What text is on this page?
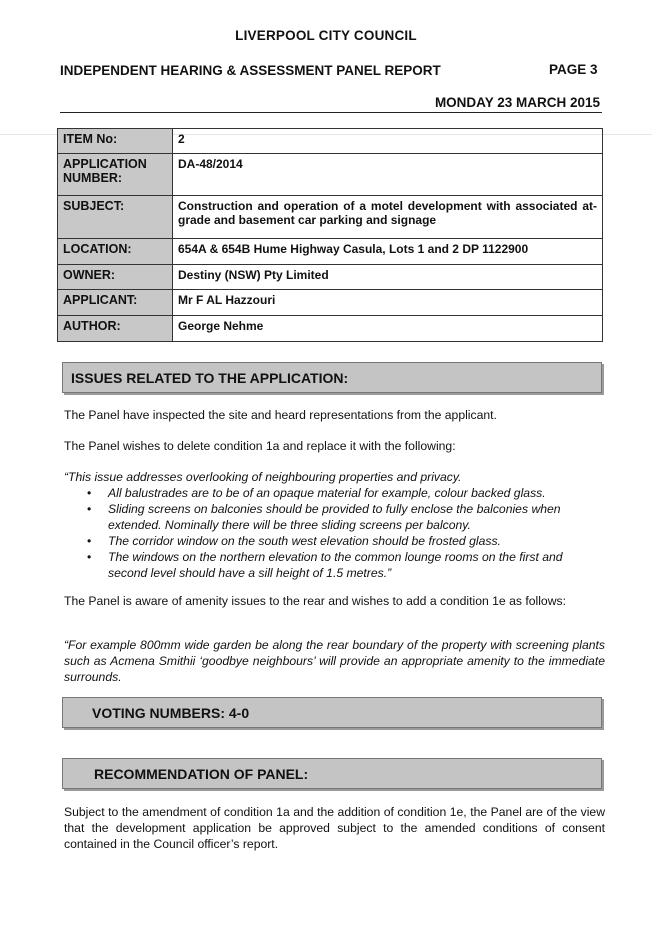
LIVERPOOL CITY COUNCIL
INDEPENDENT HEARING & ASSESSMENT PANEL REPORT	PAGE 3
MONDAY 23 MARCH 2015
ITEM No:	2
APPLICATION NUMBER:	DA-48/2014
SUBJECT:	Construction and operation of a motel development with associated at-grade and basement car parking and signage
LOCATION:	654A & 654B Hume Highway Casula, Lots 1 and 2 DP 1122900
OWNER:	Destiny (NSW) Pty Limited
APPLICANT:	Mr F AL Hazzouri
AUTHOR:	George Nehme
ISSUES RELATED TO THE APPLICATION:
The Panel have inspected the site and heard representations from the applicant.
The Panel wishes to delete condition 1a and replace it with the following:
“This issue addresses overlooking of neighbouring properties and privacy.
• All balustrades are to be of an opaque material for example, colour backed glass.
• Sliding screens on balconies should be provided to fully enclose the balconies when extended. Nominally there will be three sliding screens per balcony.
• The corridor window on the south west elevation should be frosted glass.
• The windows on the northern elevation to the common lounge rooms on the first and second level should have a sill height of 1.5 metres.”
The Panel is aware of amenity issues to the rear and wishes to add a condition 1e as follows:
“For example 800mm wide garden be along the rear boundary of the property with screening plants such as Acmena Smithii ‘goodbye neighbours’ will provide an appropriate amenity to the immediate surrounds.
VOTING NUMBERS: 4-0
RECOMMENDATION OF PANEL:
Subject to the amendment of condition 1a and the addition of condition 1e, the Panel are of the view that the development application be approved subject to the amended conditions of consent contained in the Council officer’s report.
